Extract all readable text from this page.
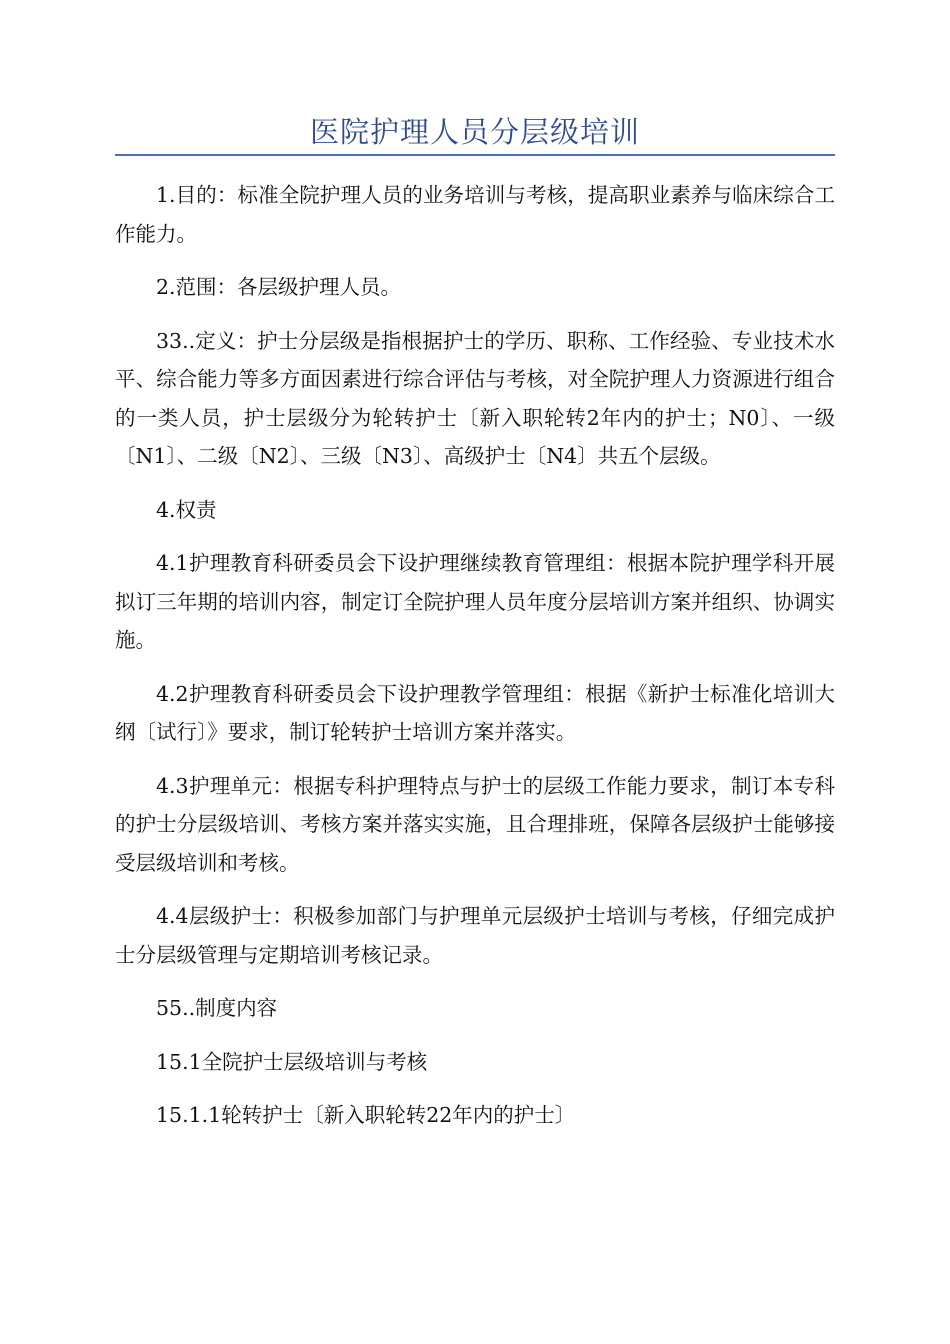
医院护理人员分层级培训

1.目的：标准全院护理人员的业务培训与考核，提高职业素养与临床综合工作能力。

2.范围：各层级护理人员。

33..定义：护士分层级是指根据护士的学历、职称、工作经验、专业技术水平、综合能力等多方面因素进行综合评估与考核，对全院护理人力资源进行组合的一类人员，护士层级分为轮转护士〔新入职轮转2年内的护士；N0〕、一级〔N1〕、二级〔N2〕、三级〔N3〕、高级护士〔N4〕共五个层级。

4.权责

4.1护理教育科研委员会下设护理继续教育管理组：根据本院护理学科开展拟订三年期的培训内容，制定订全院护理人员年度分层培训方案并组织、协调实施。

4.2护理教育科研委员会下设护理教学管理组：根据《新护士标准化培训大纲〔试行〕》要求，制订轮转护士培训方案并落实。

4.3护理单元：根据专科护理特点与护士的层级工作能力要求，制订本专科的护士分层级培训、考核方案并落实实施，且合理排班，保障各层级护士能够接受层级培训和考核。

4.4层级护士：积极参加部门与护理单元层级护士培训与考核，仔细完成护士分层级管理与定期培训考核记录。

55..制度内容

15.1全院护士层级培训与考核

15.1.1轮转护士〔新入职轮转22年内的护士〕
